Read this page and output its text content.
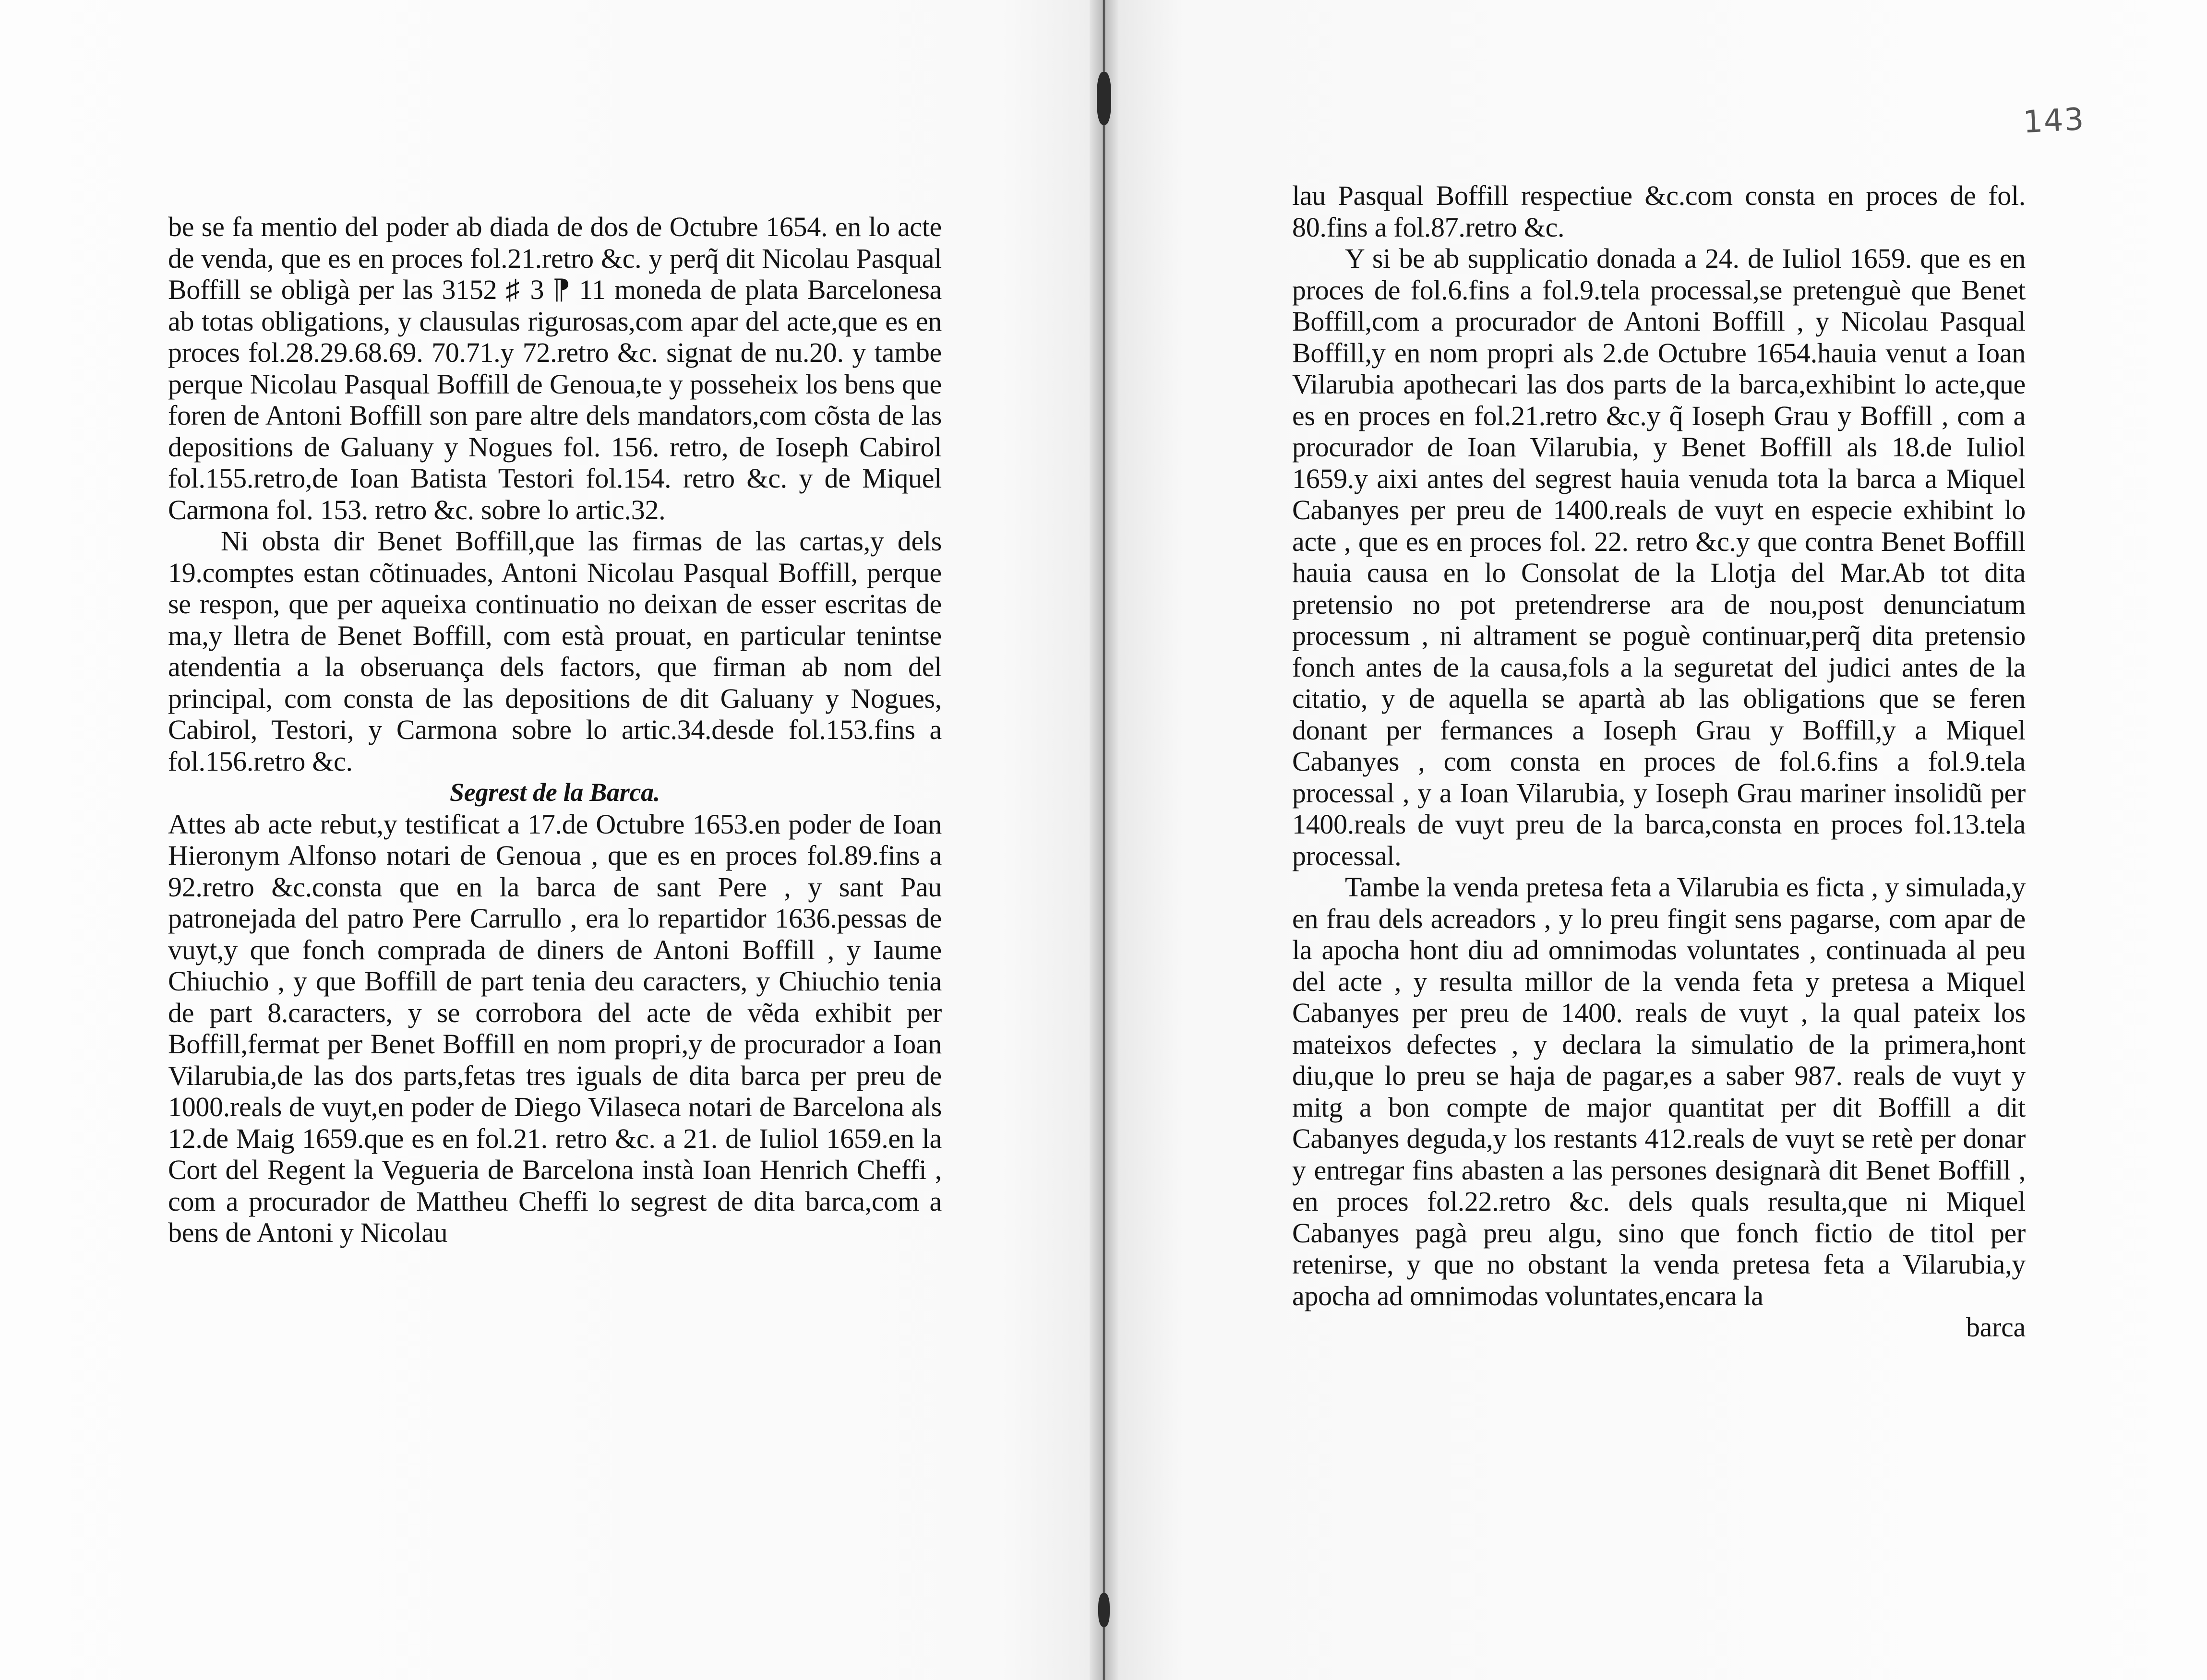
143

be se fa mentio del poder ab diada de dos de Octubre 1654. en lo acte de venda, que es en proces fol.21.retro &c. y perq̃ dit Nicolau Pasqual Boffill se obligà per las 3152 ♯ 3 ⁋ 11 moneda de plata Barcelonesa ab totas obligations, y clausulas rigurosas,com apar del acte,que es en proces fol.28.29.68.69. 70.71.y 72.retro &c. signat de nu.20. y tambe perque Nicolau Pasqual Boffill de Genoua,te y posseheix los bens que foren de Antoni Boffill son pare altre dels mandators,com cõsta de las depositions de Galuany y Nogues fol. 156. retro, de Ioseph Cabirol fol.155.retro,de Ioan Batista Testori fol.154. retro &c. y de Miquel Carmona fol. 153. retro &c. sobre lo artic.32.

Ni obsta dir Benet Boffill,que las firmas de las cartas,y dels 19.comptes estan cõtinuades, Antoni Nicolau Pasqual Boffill, perque se respon, que per aqueixa continuatio no deixan de esser escritas de ma,y lletra de Benet Boffill, com està prouat, en particular tenintse atendentia a la obseruança dels factors, que firman ab nom del principal, com consta de las depositions de dit Galuany y Nogues, Cabirol, Testori, y Carmona sobre lo artic.34.desde fol.153.fins a fol.156.retro &c.

Segrest de la Barca.

Attes ab acte rebut,y testificat a 17.de Octubre 1653.en poder de Ioan Hieronym Alfonso notari de Genoua , que es en proces fol.89.fins a 92.retro &c.consta que en la barca de sant Pere , y sant Pau patronejada del patro Pere Carrullo , era lo repartidor 1636.pessas de vuyt,y que fonch comprada de diners de Antoni Boffill , y Iaume Chiuchio , y que Boffill de part tenia deu caracters, y Chiuchio tenia de part 8.caracters, y se corrobora del acte de vẽda exhibit per Boffill,fermat per Benet Boffill en nom propri,y de procurador a Ioan Vilarubia,de las dos parts,fetas tres iguals de dita barca per preu de 1000.reals de vuyt,en poder de Diego Vilaseca notari de Barcelona als 12.de Maig 1659.que es en fol.21. retro &c. a 21. de Iuliol 1659.en la Cort del Regent la Vegueria de Barcelona instà Ioan Henrich Cheffi , com a procurador de Mattheu Cheffi lo segrest de dita barca,com a bens de Antoni y Nicolau

lau Pasqual Boffill respectiue &c.com consta en proces de fol. 80.fins a fol.87.retro &c.

Y si be ab supplicatio donada a 24. de Iuliol 1659. que es en proces de fol.6.fins a fol.9.tela processal,se pretenguè que Benet Boffill,com a procurador de Antoni Boffill , y Nicolau Pasqual Boffill,y en nom propri als 2.de Octubre 1654.hauia venut a Ioan Vilarubia apothecari las dos parts de la barca,exhibint lo acte,que es en proces en fol.21.retro &c.y q̃ Ioseph Grau y Boffill , com a procurador de Ioan Vilarubia, y Benet Boffill als 18.de Iuliol 1659.y aixi antes del segrest hauia venuda tota la barca a Miquel Cabanyes per preu de 1400.reals de vuyt en especie exhibint lo acte , que es en proces fol. 22. retro &c.y que contra Benet Boffill hauia causa en lo Consolat de la Llotja del Mar.Ab tot dita pretensio no pot pretendrerse ara de nou,post denunciatum processum , ni altrament se poguè continuar,perq̃ dita pretensio fonch antes de la causa,fols a la seguretat del judici antes de la citatio, y de aquella se apartà ab las obligations que se feren donant per fermances a Ioseph Grau y Boffill,y a Miquel Cabanyes , com consta en proces de fol.6.fins a fol.9.tela processal , y a Ioan Vilarubia, y Ioseph Grau mariner insolidũ per 1400.reals de vuyt preu de la barca,consta en proces fol.13.tela processal.

Tambe la venda pretesa feta a Vilarubia es ficta , y simulada,y en frau dels acreadors , y lo preu fingit sens pagarse, com apar de la apocha hont diu ad omnimodas voluntates , continuada al peu del acte , y resulta millor de la venda feta y pretesa a Miquel Cabanyes per preu de 1400. reals de vuyt , la qual pateix los mateixos defectes , y declara la simulatio de la primera,hont diu,que lo preu se haja de pagar,es a saber 987. reals de vuyt y mitg a bon compte de major quantitat per dit Boffill a dit Cabanyes deguda,y los restants 412.reals de vuyt se retè per donar y entregar fins abasten a las persones designarà dit Benet Boffill , en proces fol.22.retro &c. dels quals resulta,que ni Miquel Cabanyes pagà preu algu, sino que fonch fictio de titol per retenirse, y que no obstant la venda pretesa feta a Vilarubia,y apocha ad omnimodas voluntates,encara la

barca
